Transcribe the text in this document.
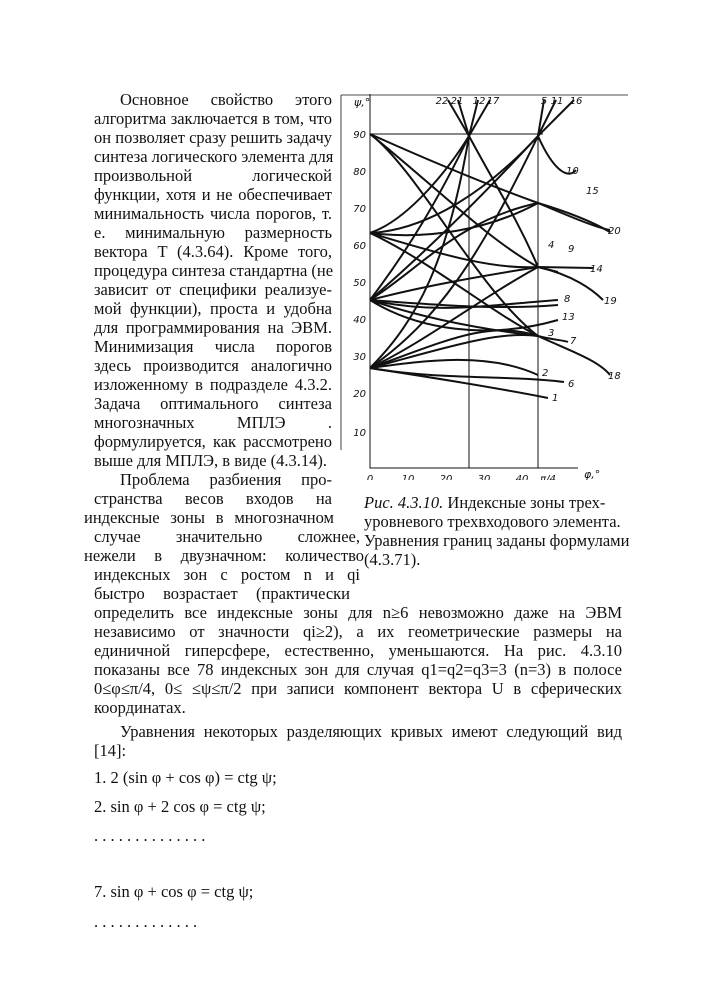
Основное свойство этого
алгоритма заключается в том, что
он позволяет сразу решить задачу
синтеза логического элемента для
произвольной логической
функции, хотя и не обеспечивает
минимальность числа порогов, т.
е. минимальную размерность
вектора T (4.3.64). Кроме того,
процедура синтеза стандартна (не
зависит от специфики реализуе-
мой функции), проста и удобна
для программирования на ЭВМ.
Минимизация числа порогов
здесь производится аналогично
изложенному в подразделе 4.3.2.
Задача оптимального синтеза
многозначных МПЛЭ .
формулируется, как рассмотрено
выше для МПЛЭ, в виде (4.3.14).
Проблема разбиения про-
странства весов входов на
индексные зоны в многозначном
случае значительно сложнее,
нежели в двузначном: количество
индексных зон с ростом n и qi
быстро возрастает (практически
10
20
30
40
50
60
70
80
90
ψ,°
0	10	20	30	40 π/4	φ,°
22 21 12 17	5 11 16
10
15
20
4 9
14
8	19
13
3
7
2
6
18
1
Рис. 4.3.10. Индексные зоны трех-
уровневого трехвходового элемента.
Уравнения границ заданы формулами
(4.3.71).
определить все индексные зоны для n≥6 невозможно даже на ЭВМ
независимо от значности qi≥2), а их геометрические размеры на
единичной гиперсфере, естественно, уменьшаются. На рис. 4.3.10
показаны все 78 индексных зон для случая q1=q2=q3=3 (n=3) в полосе
0≤φ≤π/4, 0≤ ≤ψ≤π/2 при записи компонент вектора U в сферических
координатах.
Уравнения некоторых разделяющих кривых имеют следующий вид
[14]:
1. 2 (sin φ + cos φ) = ctg ψ;
2. sin φ + 2 cos φ = ctg ψ;
. . . . . . . . . . . . . .
7. sin φ + cos φ = ctg ψ;
. . . . . . . . . . . . .
